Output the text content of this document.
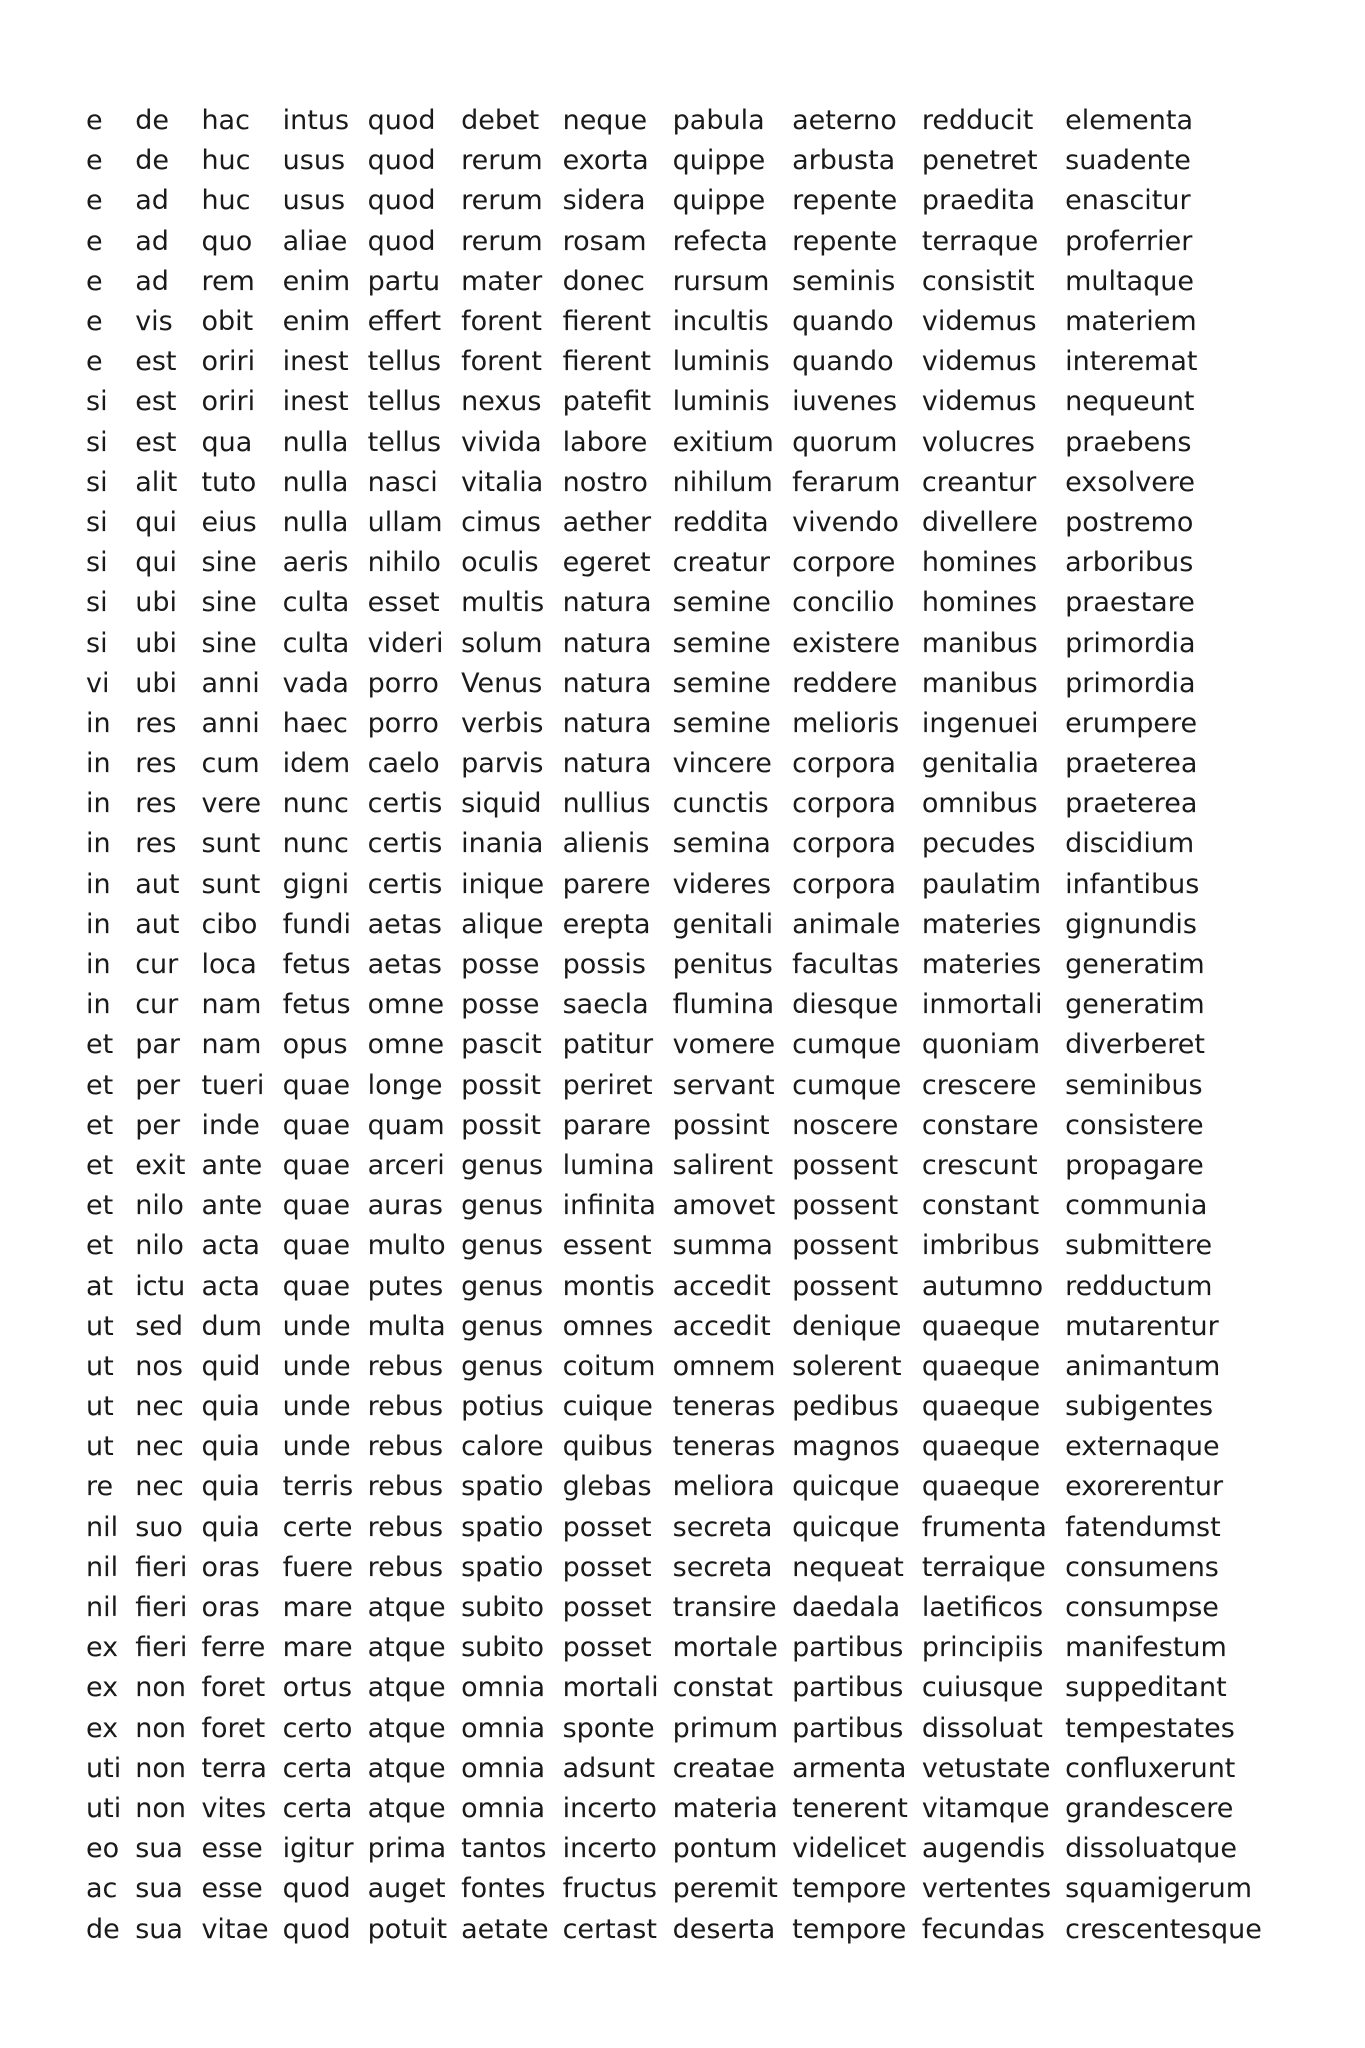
e	de	hac	intus	quod	debet	neque	pabula	aeterno	redducit	elementa
e	de	huc	usus	quod	rerum	exorta	quippe	arbusta	penetret	suadente
e	ad	huc	usus	quod	rerum	sidera	quippe	repente	praedita	enascitur
e	ad	quo	aliae	quod	rerum	rosam	refecta	repente	terraque	proferrier
e	ad	rem	enim	partu	mater	donec	rursum	seminis	consistit	multaque
e	vis	obit	enim	effert	forent	fierent	incultis	quando	videmus	materiem
e	est	oriri	inest	tellus	forent	fierent	luminis	quando	videmus	interemat
si	est	oriri	inest	tellus	nexus	patefit	luminis	iuvenes	videmus	nequeunt
si	est	qua	nulla	tellus	vivida	labore	exitium	quorum	volucres	praebens
si	alit	tuto	nulla	nasci	vitalia	nostro	nihilum	ferarum	creantur	exsolvere
si	qui	eius	nulla	ullam	cimus	aether	reddita	vivendo	divellere	postremo
si	qui	sine	aeris	nihilo	oculis	egeret	creatur	corpore	homines	arboribus
si	ubi	sine	culta	esset	multis	natura	semine	concilio	homines	praestare
si	ubi	sine	culta	videri	solum	natura	semine	existere	manibus	primordia
vi	ubi	anni	vada	porro	Venus	natura	semine	reddere	manibus	primordia
in	res	anni	haec	porro	verbis	natura	semine	melioris	ingenuei	erumpere
in	res	cum	idem	caelo	parvis	natura	vincere	corpora	genitalia	praeterea
in	res	vere	nunc	certis	siquid	nullius	cunctis	corpora	omnibus	praeterea
in	res	sunt	nunc	certis	inania	alienis	semina	corpora	pecudes	discidium
in	aut	sunt	gigni	certis	inique	parere	videres	corpora	paulatim	infantibus
in	aut	cibo	fundi	aetas	alique	erepta	genitali	animale	materies	gignundis
in	cur	loca	fetus	aetas	posse	possis	penitus	facultas	materies	generatim
in	cur	nam	fetus	omne	posse	saecla	flumina	diesque	inmortali	generatim
et	par	nam	opus	omne	pascit	patitur	vomere	cumque	quoniam	diverberet
et	per	tueri	quae	longe	possit	periret	servant	cumque	crescere	seminibus
et	per	inde	quae	quam	possit	parare	possint	noscere	constare	consistere
et	exit	ante	quae	arceri	genus	lumina	salirent	possent	crescunt	propagare
et	nilo	ante	quae	auras	genus	infinita	amovet	possent	constant	communia
et	nilo	acta	quae	multo	genus	essent	summa	possent	imbribus	submittere
at	ictu	acta	quae	putes	genus	montis	accedit	possent	autumno	redductum
ut	sed	dum	unde	multa	genus	omnes	accedit	denique	quaeque	mutarentur
ut	nos	quid	unde	rebus	genus	coitum	omnem	solerent	quaeque	animantum
ut	nec	quia	unde	rebus	potius	cuique	teneras	pedibus	quaeque	subigentes
ut	nec	quia	unde	rebus	calore	quibus	teneras	magnos	quaeque	externaque
re	nec	quia	terris	rebus	spatio	glebas	meliora	quicque	quaeque	exorerentur
nil	suo	quia	certe	rebus	spatio	posset	secreta	quicque	frumenta	fatendumst
nil	fieri	oras	fuere	rebus	spatio	posset	secreta	nequeat	terraique	consumens
nil	fieri	oras	mare	atque	subito	posset	transire	daedala	laetificos	consumpse
ex	fieri	ferre	mare	atque	subito	posset	mortale	partibus	principiis	manifestum
ex	non	foret	ortus	atque	omnia	mortali	constat	partibus	cuiusque	suppeditant
ex	non	foret	certo	atque	omnia	sponte	primum	partibus	dissoluat	tempestates
uti	non	terra	certa	atque	omnia	adsunt	creatae	armenta	vetustate	confluxerunt
uti	non	vites	certa	atque	omnia	incerto	materia	tenerent	vitamque	grandescere
eo	sua	esse	igitur	prima	tantos	incerto	pontum	videlicet	augendis	dissoluatque
ac	sua	esse	quod	auget	fontes	fructus	peremit	tempore	vertentes	squamigerum
de	sua	vitae	quod	potuit	aetate	certast	deserta	tempore	fecundas	crescentesque
